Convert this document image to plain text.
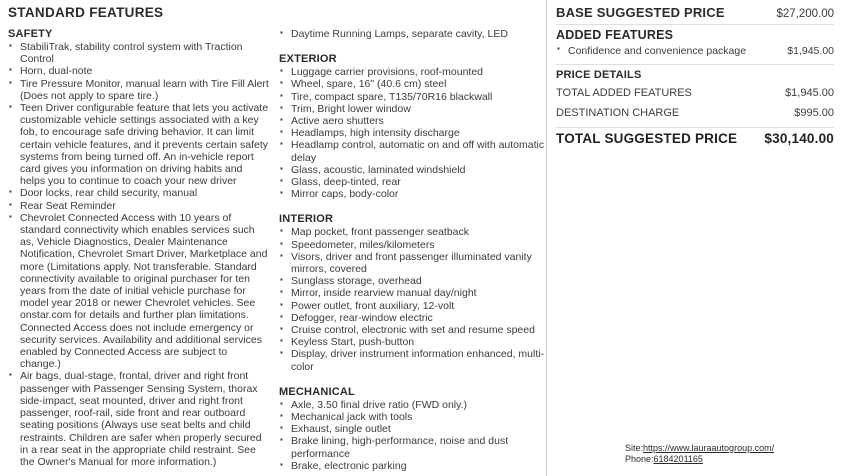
STANDARD FEATURES
SAFETY
▪ StabiliTrak, stability control system with Traction Control
▪ Horn, dual-note
▪ Tire Pressure Monitor, manual learn with Tire Fill Alert (Does not apply to spare tire.)
▪ Teen Driver configurable feature that lets you activate customizable vehicle settings associated with a key fob, to encourage safe driving behavior. It can limit certain vehicle features, and it prevents certain safety systems from being turned off. An in-vehicle report card gives you information on driving habits and helps you to continue to coach your new driver
▪ Door locks, rear child security, manual
▪ Rear Seat Reminder
▪ Chevrolet Connected Access with 10 years of standard connectivity which enables services such as, Vehicle Diagnostics, Dealer Maintenance Notification, Chevrolet Smart Driver, Marketplace and more (Limitations apply. Not transferable. Standard connectivity available to original purchaser for ten years from the date of initial vehicle purchase for model year 2018 or newer Chevrolet vehicles. See onstar.com for details and further plan limitations. Connected Access does not include emergency or security services. Availability and additional services enabled by Connected Access are subject to change.)
▪ Air bags, dual-stage, frontal, driver and right front passenger with Passenger Sensing System, thorax side-impact, seat mounted, driver and right front passenger, roof-rail, side front and rear outboard seating positions (Always use seat belts and child restraints. Children are safer when properly secured in a rear seat in the appropriate child restraint. See the Owner's Manual for more information.)
▪ Daytime Running Lamps, separate cavity, LED
EXTERIOR
▪ Luggage carrier provisions, roof-mounted
▪ Wheel, spare, 16" (40.6 cm) steel
▪ Tire, compact spare, T135/70R16 blackwall
▪ Trim, Bright lower window
▪ Active aero shutters
▪ Headlamps, high intensity discharge
▪ Headlamp control, automatic on and off with automatic delay
▪ Glass, acoustic, laminated windshield
▪ Glass, deep-tinted, rear
▪ Mirror caps, body-color
INTERIOR
▪ Map pocket, front passenger seatback
▪ Speedometer, miles/kilometers
▪ Visors, driver and front passenger illuminated vanity mirrors, covered
▪ Sunglass storage, overhead
▪ Mirror, inside rearview manual day/night
▪ Power outlet, front auxiliary, 12-volt
▪ Defogger, rear-window electric
▪ Cruise control, electronic with set and resume speed
▪ Keyless Start, push-button
▪ Display, driver instrument information enhanced, multi-color
MECHANICAL
▪ Axle, 3.50 final drive ratio (FWD only.)
▪ Mechanical jack with tools
▪ Exhaust, single outlet
▪ Brake lining, high-performance, noise and dust performance
▪ Brake, electronic parking
BASE SUGGESTED PRICE	$27,200.00
ADDED FEATURES
▪ Confidence and convenience package	$1,945.00
PRICE DETAILS
TOTAL ADDED FEATURES	$1,945.00
DESTINATION CHARGE	$995.00
TOTAL SUGGESTED PRICE $30,140.00
Site:https://www.lauraautogroup.com/
Phone:6184201165
